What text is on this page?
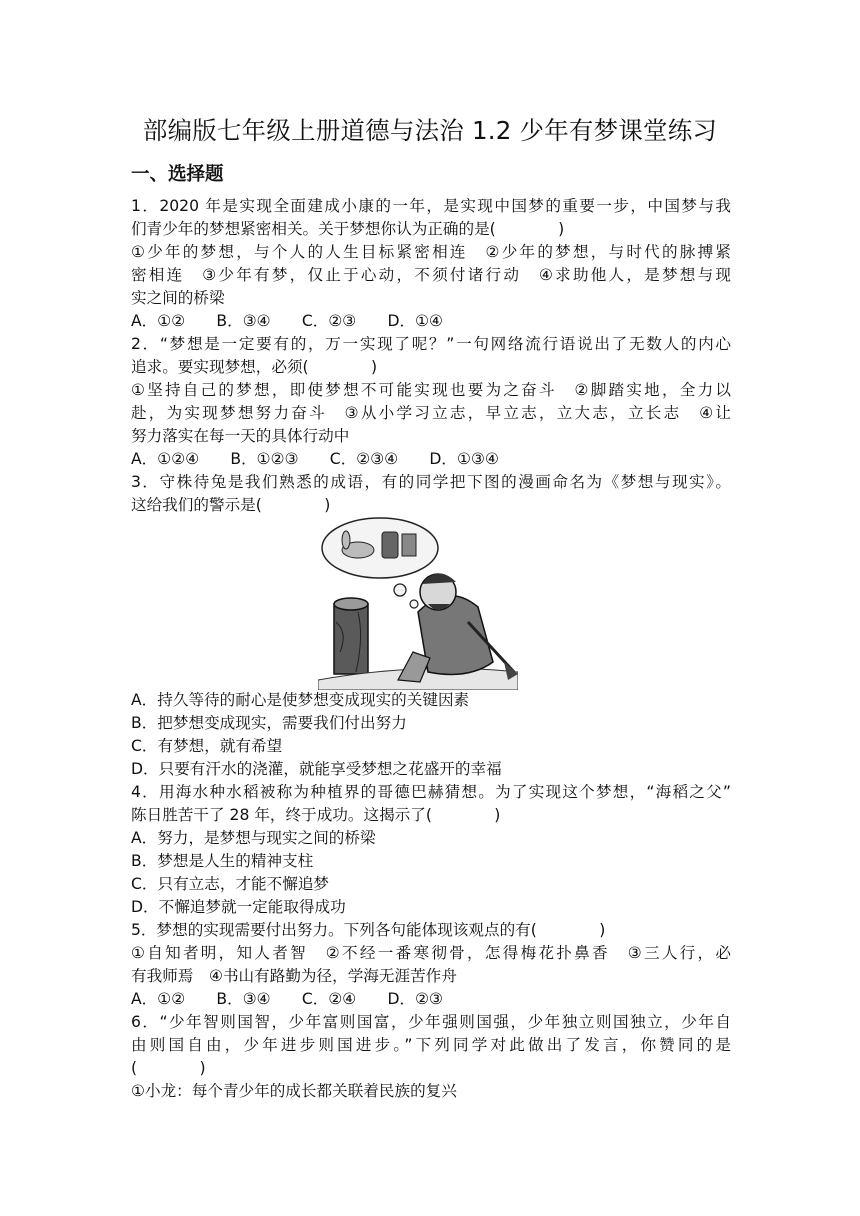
部编版七年级上册道德与法治 1.2 少年有梦课堂练习
一、选择题
1．2020 年是实现全面建成小康的一年，是实现中国梦的重要一步，中国梦与我
们青少年的梦想紧密相关。关于梦想你认为正确的是(　　　　)
①少年的梦想，与个人的人生目标紧密相连　②少年的梦想，与时代的脉搏紧
密相连　③少年有梦，仅止于心动，不须付诸行动　④求助他人，是梦想与现
实之间的桥梁
A．①②　　B．③④　　C．②③　　D．①④
2．“梦想是一定要有的，万一实现了呢？”一句网络流行语说出了无数人的内心
追求。要实现梦想，必须(　　　　)
①坚持自己的梦想，即使梦想不可能实现也要为之奋斗　②脚踏实地，全力以
赴，为实现梦想努力奋斗　③从小学习立志，早立志，立大志，立长志　④让
努力落实在每一天的具体行动中
A．①②④　　B．①②③　　C．②③④　　D．①③④
3．守株待兔是我们熟悉的成语，有的同学把下图的漫画命名为《梦想与现实》。
这给我们的警示是(　　　　)
A．持久等待的耐心是使梦想变成现实的关键因素
B．把梦想变成现实，需要我们付出努力
C．有梦想，就有希望
D．只要有汗水的浇灌，就能享受梦想之花盛开的幸福
4．用海水种水稻被称为种植界的哥德巴赫猜想。为了实现这个梦想，“海稻之父”
陈日胜苦干了 28 年，终于成功。这揭示了(　　　　)
A．努力，是梦想与现实之间的桥梁
B．梦想是人生的精神支柱
C．只有立志，才能不懈追梦
D．不懈追梦就一定能取得成功
5．梦想的实现需要付出努力。下列各句能体现该观点的有(　　　　)
①自知者明，知人者智　②不经一番寒彻骨，怎得梅花扑鼻香　③三人行，必
有我师焉　④书山有路勤为径，学海无涯苦作舟
A．①②　　B．③④　　C．②④　　D．②③
6．“少年智则国智，少年富则国富，少年强则国强，少年独立则国独立，少年自
由则国自由，少年进步则国进步。”下列同学对此做出了发言，你赞同的是
(　　　　)
①小龙：每个青少年的成长都关联着民族的复兴
